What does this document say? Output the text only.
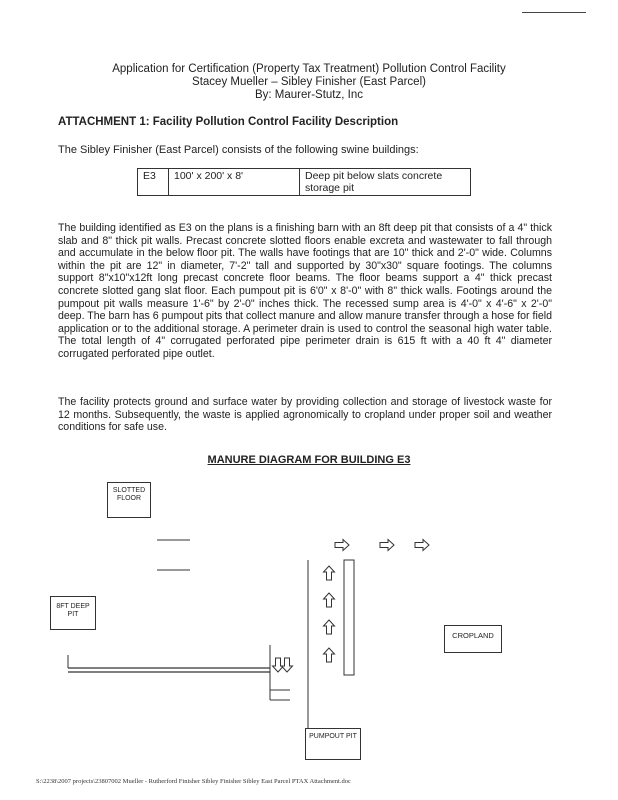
Application for Certification (Property Tax Treatment) Pollution Control Facility
Stacey Mueller – Sibley Finisher (East Parcel)
By: Maurer-Stutz, Inc
ATTACHMENT 1: Facility Pollution Control Facility Description
The Sibley Finisher (East Parcel) consists of the following swine buildings:
E3	100' x 200' x 8'	Deep pit below slats concrete storage pit
The building identified as E3 on the plans is a finishing barn with an 8ft deep pit that consists of a 4" thick slab and 8" thick pit walls. Precast concrete slotted floors enable excreta and wastewater to fall through and accumulate in the below floor pit. The walls have footings that are 10" thick and 2'-0" wide. Columns within the pit are 12" in diameter, 7'-2" tall and supported by 30"x30" square footings. The columns support 8"x10"x12ft long precast concrete floor beams. The floor beams support a 4" thick precast concrete slotted gang slat floor. Each pumpout pit is 6'0" x 8'-0" with 8" thick walls. Footings around the pumpout pit walls measure 1'-6" by 2'-0" inches thick. The recessed sump area is 4'-0" x 4'-6" x 2'-0" deep. The barn has 6 pumpout pits that collect manure and allow manure transfer through a hose for field application or to the additional storage. A perimeter drain is used to control the seasonal high water table. The total length of 4" corrugated perforated pipe perimeter drain is 615 ft with a 40 ft 4" diameter corrugated perforated pipe outlet.
The facility protects ground and surface water by providing collection and storage of livestock waste for 12 months. Subsequently, the waste is applied agronomically to cropland under proper soil and weather conditions for safe use.
MANURE DIAGRAM FOR BUILDING E3
SLOTTED FLOOR
8FT DEEP PIT
CROPLAND
PUMPOUT PIT
S:\2238\2007 projects\23807002 Mueller - Rutherford Finisher Sibley Finisher Sibley East Parcel PTAX Attachment.doc
